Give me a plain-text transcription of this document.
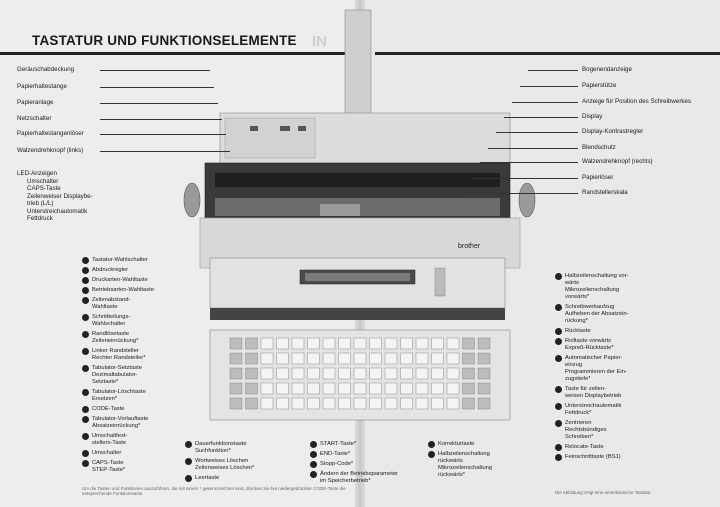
IN
TASTATUR UND FUNKTIONSELEMENTE
brother
Geräuschabdeckung
Papierhaltestange
Papieranlage
Netzschalter
Papierhaltestangenlöser
Walzendrehknopf (links)
Bogenendanzeige
Papierstütze
Anzeige für Position des Schreibwerkes
Display
Display-Kontrastregler
Blendschutz
Walzendrehknopf (rechts)
Papierlöser
Randstellerskala
LED-Anzeigen
Umschalter
CAPS-Taste
Zeilenweiser Displaybe-
trieb (L/L)
Unterstreichautomatik
Fettdruck
Tastatur-Wahlschalter
Abdruckregler
Druckarten-Wahltaste
Betriebsarten-Wahltaste
Zeilenabstand-
Wahltaste
Schrittteilungs-
Wahlschalter
Randlösetaste
Zeileneinrückung*
Linker Randsteller
Rechter Randsteller*
Tabulator-Setztaste
Dezimaltabulator-
Setztaste*
Tabulator-Löschtaste
Ersetzen*
CODE-Taste
Tabulator-Vorlauftaste
Absatzeinrückung*
Umschaltfest-
stellers-Taste
Umschalter
CAPS-Taste
STEP-Taste*
Dauerfunktionstaste
Suchfunktion*
Wortweises Löschen
Zeilenweises Löschen*
Leertaste
START-Taste*
END-Taste*
Stopp-Code*
Ändern der Betriebsparameter
im Speicherbetrieb*
Korrekturtaste
Halbzeilenschaltung
rückwärts
Mikrozeilenschaltung
rückwärts*
Halbzeilenschaltung vor-
wärts
Mikrozeilenschaltung
vorwärts*
Schreibwerkaufzug
Aufheben der Absatzein-
rückung*
Rücktaste
Rolltaste vorwärts
Expreß-Rücktaste*
Automatischer Papier-
einzug
Programmieren der Ein-
zugstiefe*
Taste für zeilen-
weisen Displaybetrieb
Unterstreichautomatik
Fettdruck*
Zentrieren
Rechtsbündiges
Schreiben*
Relocate-Taste
Feinschritttaste (BS1)
Um die Tasten und Funktionen auszuführen, die mit einem * gekennzeichnet sind, drücken Sie bei niedergedrückter CODE-Taste die entsprechende Funktionstaste.	Die Abbildung zeigt eine amerikanische Tastatur.
